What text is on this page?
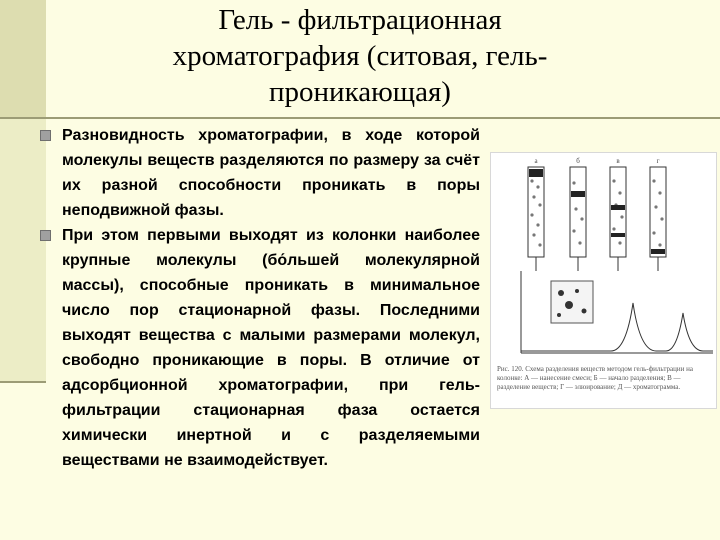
Гель - фильтрационная
хроматография (ситовая, гель-
проникающая)
Разновидность хроматографии, в ходе которой молекулы веществ разделяются по размеру за счёт их разной способности проникать в поры неподвижной фазы.
При этом первыми выходят из колонки наиболее крупные молекулы (бо́льшей молекулярной массы), способные проникать в минимальное число пор стационарной фазы. Последними выходят вещества с малыми размерами молекул, свободно проникающие в поры. В отличие от адсорбционной хроматографии, при гель-фильтрации стационарная фаза остается химически инертной и с разделяемыми веществами не взаимодействует.
а	б	в	г
Рис. 120. Схема разделения веществ методом гель-фильтрации на колонке: А — нанесение смеси; Б — начало разделения; В — разделение веществ; Г — элюирование; Д — хроматограмма.
